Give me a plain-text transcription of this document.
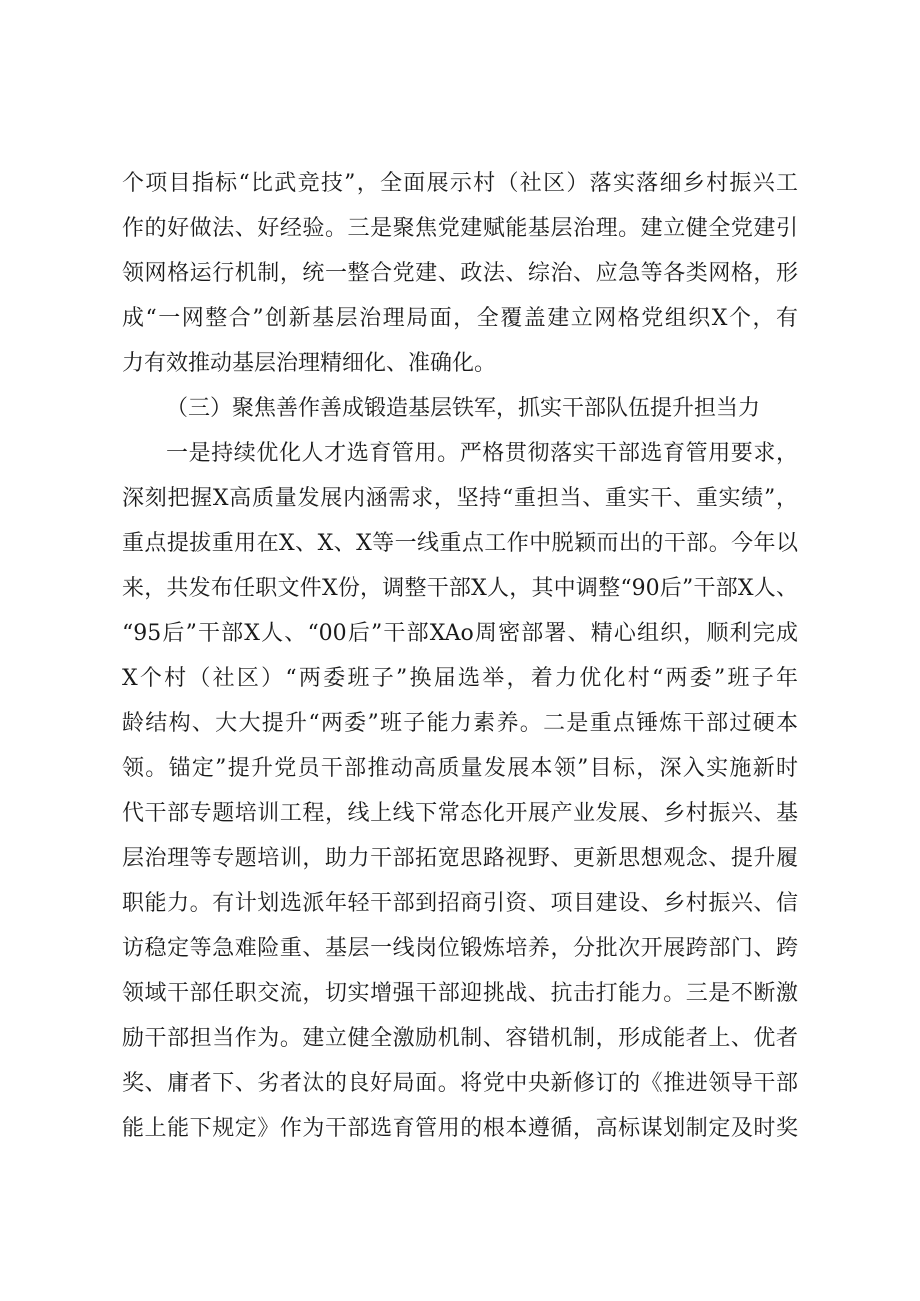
个项目指标“比武竞技”，全面展示村（社区）落实落细乡村振兴工
作的好做法、好经验。三是聚焦党建赋能基层治理。建立健全党建引
领网格运行机制，统一整合党建、政法、综治、应急等各类网格，形
成“一网整合”创新基层治理局面，全覆盖建立网格党组织X个，有
力有效推动基层治理精细化、准确化。
（三）聚焦善作善成锻造基层铁军，抓实干部队伍提升担当力
一是持续优化人才选育管用。严格贯彻落实干部选育管用要求，
深刻把握X高质量发展内涵需求，坚持“重担当、重实干、重实绩”，
重点提拔重用在X、X、X等一线重点工作中脱颖而出的干部。今年以
来，共发布任职文件X份，调整干部X人，其中调整“90后”干部X人、
“95后”干部X人、“00后”干部XAo周密部署、精心组织，顺利完成
X个村（社区）“两委班子”换届选举，着力优化村“两委”班子年
龄结构、大大提升“两委”班子能力素养。二是重点锤炼干部过硬本
领。锚定”提升党员干部推动高质量发展本领”目标，深入实施新时
代干部专题培训工程，线上线下常态化开展产业发展、乡村振兴、基
层治理等专题培训，助力干部拓宽思路视野、更新思想观念、提升履
职能力。有计划选派年轻干部到招商引资、项目建设、乡村振兴、信
访稳定等急难险重、基层一线岗位锻炼培养，分批次开展跨部门、跨
领域干部任职交流，切实增强干部迎挑战、抗击打能力。三是不断激
励干部担当作为。建立健全激励机制、容错机制，形成能者上、优者
奖、庸者下、劣者汰的良好局面。将党中央新修订的《推进领导干部
能上能下规定》作为干部选育管用的根本遵循，高标谋划制定及时奖
